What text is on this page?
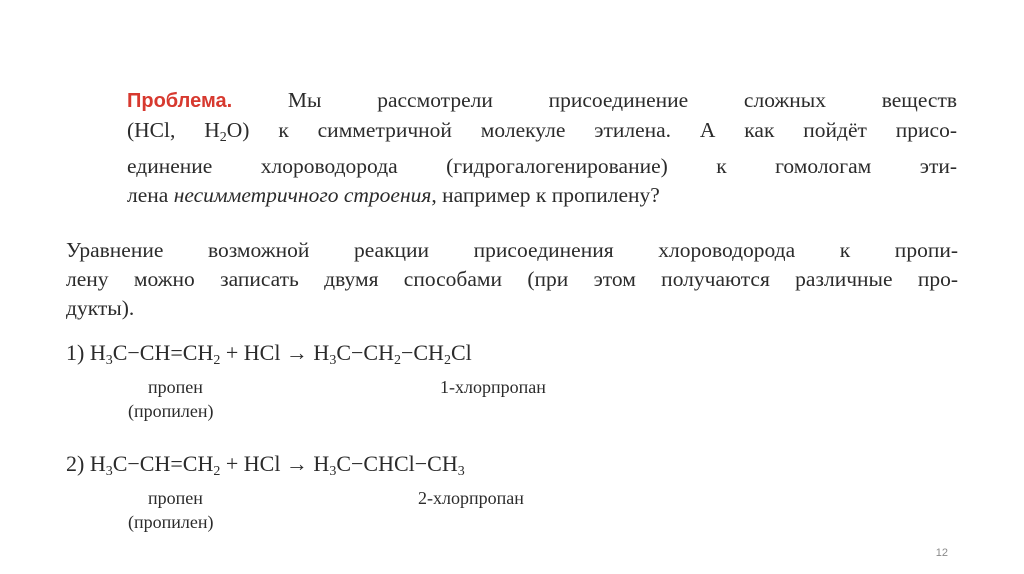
Проблема.	Мы рассмотрели присоединение сложных веществ
(HCl, $H_2O$) к симметричной молекуле этилена. А как пойдёт присо-
единение хлороводорода (гидрогалогенирование) к гомологам эти-
лена несимметричного строения, например к пропилену?
Уравнение возможной реакции присоединения хлороводорода к пропи-
лену можно записать двумя способами (при этом получаются различные про-
дукты).
1) $H_3C-CH=CH_2$ + HCl → $H_3C-CH_2-CH_2Cl$
пропен
(пропилен)
1-хлорпропан
2) $H_3C-CH=CH_2$ + HCl → $H_3C-CHCl-CH_3$
пропен
(пропилен)
2-хлорпропан
12
